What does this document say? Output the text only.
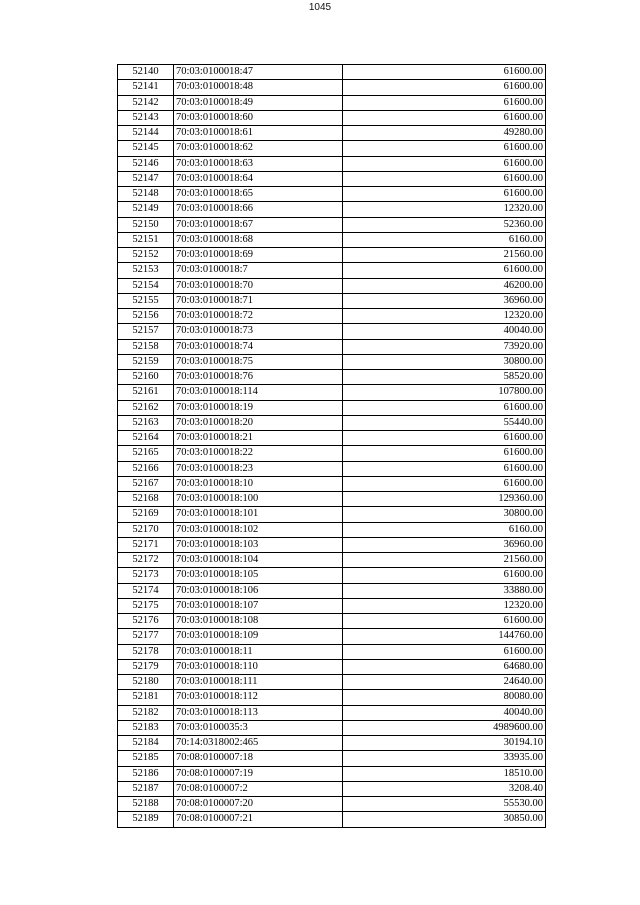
1045
52140	70:03:0100018:47	61600.00
52141	70:03:0100018:48	61600.00
52142	70:03:0100018:49	61600.00
52143	70:03:0100018:60	61600.00
52144	70:03:0100018:61	49280.00
52145	70:03:0100018:62	61600.00
52146	70:03:0100018:63	61600.00
52147	70:03:0100018:64	61600.00
52148	70:03:0100018:65	61600.00
52149	70:03:0100018:66	12320.00
52150	70:03:0100018:67	52360.00
52151	70:03:0100018:68	6160.00
52152	70:03:0100018:69	21560.00
52153	70:03:0100018:7	61600.00
52154	70:03:0100018:70	46200.00
52155	70:03:0100018:71	36960.00
52156	70:03:0100018:72	12320.00
52157	70:03:0100018:73	40040.00
52158	70:03:0100018:74	73920.00
52159	70:03:0100018:75	30800.00
52160	70:03:0100018:76	58520.00
52161	70:03:0100018:114	107800.00
52162	70:03:0100018:19	61600.00
52163	70:03:0100018:20	55440.00
52164	70:03:0100018:21	61600.00
52165	70:03:0100018:22	61600.00
52166	70:03:0100018:23	61600.00
52167	70:03:0100018:10	61600.00
52168	70:03:0100018:100	129360.00
52169	70:03:0100018:101	30800.00
52170	70:03:0100018:102	6160.00
52171	70:03:0100018:103	36960.00
52172	70:03:0100018:104	21560.00
52173	70:03:0100018:105	61600.00
52174	70:03:0100018:106	33880.00
52175	70:03:0100018:107	12320.00
52176	70:03:0100018:108	61600.00
52177	70:03:0100018:109	144760.00
52178	70:03:0100018:11	61600.00
52179	70:03:0100018:110	64680.00
52180	70:03:0100018:111	24640.00
52181	70:03:0100018:112	80080.00
52182	70:03:0100018:113	40040.00
52183	70:03:0100035:3	4989600.00
52184	70:14:0318002:465	30194.10
52185	70:08:0100007:18	33935.00
52186	70:08:0100007:19	18510.00
52187	70:08:0100007:2	3208.40
52188	70:08:0100007:20	55530.00
52189	70:08:0100007:21	30850.00
